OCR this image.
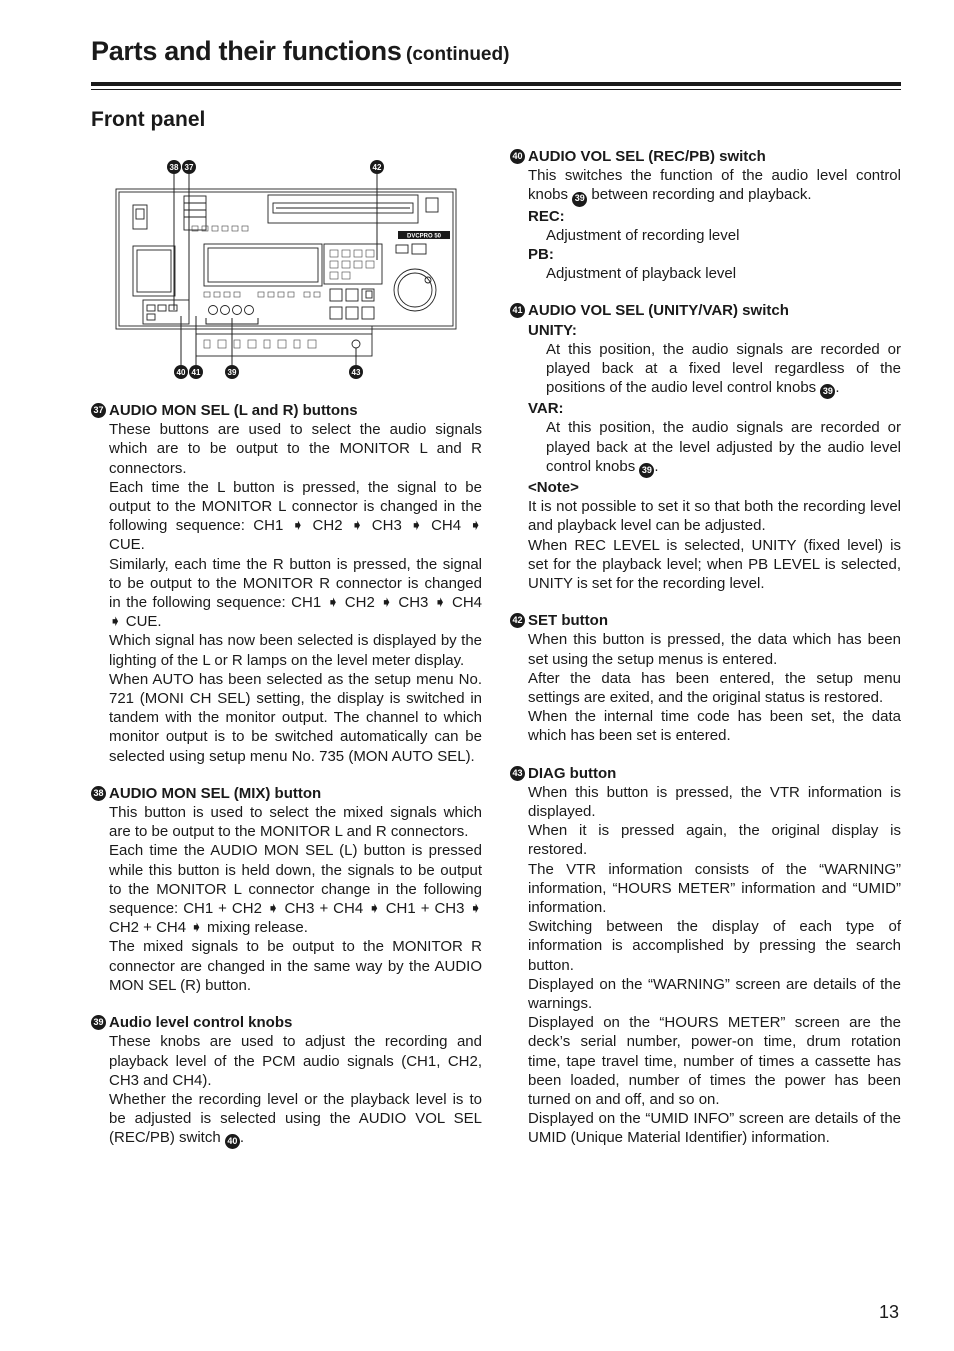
Parts and their functions (continued)
Front panel
38 37	42
40 41	39	43
DVCPRO 50
37 AUDIO MON SEL (L and R) buttons

These buttons are used to select the audio signals which are to be output to the MONITOR L and R connectors.

Each time the L button is pressed, the signal to be output to the MONITOR L connector is changed in the following sequence: CH1 ➧ CH2 ➧ CH3 ➧ CH4 ➧ CUE.

Similarly, each time the R button is pressed, the signal to be output to the MONITOR R connector is changed in the following sequence: CH1 ➧ CH2 ➧ CH3 ➧ CH4 ➧ CUE.

Which signal has now been selected is displayed by the lighting of the L or R lamps on the level meter display.

When AUTO has been selected as the setup menu No. 721 (MONI CH SEL) setting, the display is switched in tandem with the monitor output. The channel to which monitor output is to be switched automatically can be selected using setup menu No. 735 (MON AUTO SEL).

38 AUDIO MON SEL (MIX) button

This button is used to select the mixed signals which are to be output to the MONITOR L and R connectors.

Each time the AUDIO MON SEL (L) button is pressed while this button is held down, the signals to be output to the MONITOR L connector change in the following sequence: CH1 + CH2 ➧ CH3 + CH4 ➧ CH1 + CH3 ➧ CH2 + CH4 ➧ mixing release.

The mixed signals to be output to the MONITOR R connector are changed in the same way by the AUDIO MON SEL (R) button.

39 Audio level control knobs

These knobs are used to adjust the recording and playback level of the PCM audio signals (CH1, CH2, CH3 and CH4).

Whether the recording level or the playback level is to be adjusted is selected using the AUDIO VOL SEL (REC/PB) switch 40 .

40 AUDIO VOL SEL (REC/PB) switch

This switches the function of the audio level control knobs 39 between recording and playback.

REC:

Adjustment of recording level

PB:

Adjustment of playback level

41 AUDIO VOL SEL (UNITY/VAR) switch

UNITY:

At this position, the audio signals are recorded or played back at a fixed level regardless of the positions of the audio level control knobs 39 .

VAR:

At this position, the audio signals are recorded or played back at the level adjusted by the audio level control knobs 39 .

<Note>

It is not possible to set it so that both the recording level and playback level can be adjusted.

When REC LEVEL is selected, UNITY (fixed level) is set for the playback level; when PB LEVEL is selected, UNITY is set for the recording level.

42 SET button

When this button is pressed, the data which has been set using the setup menus is entered.

After the data has been entered, the setup menu settings are exited, and the original status is restored.

When the internal time code has been set, the data which has been set is entered.

43 DIAG button

When this button is pressed, the VTR information is displayed.

When it is pressed again, the original display is restored.

The VTR information consists of the “WARNING” information, “HOURS METER” information and “UMID” information.

Switching between the display of each type of information is accomplished by pressing the search button.

Displayed on the “WARNING” screen are details of the warnings.

Displayed on the “HOURS METER” screen are the deck’s serial number, power-on time, drum rotation time, tape travel time, number of times a cassette has been loaded, number of times the power has been turned on and off, and so on.

Displayed on the “UMID INFO” screen are details of the UMID (Unique Material Identifier) information.

13
